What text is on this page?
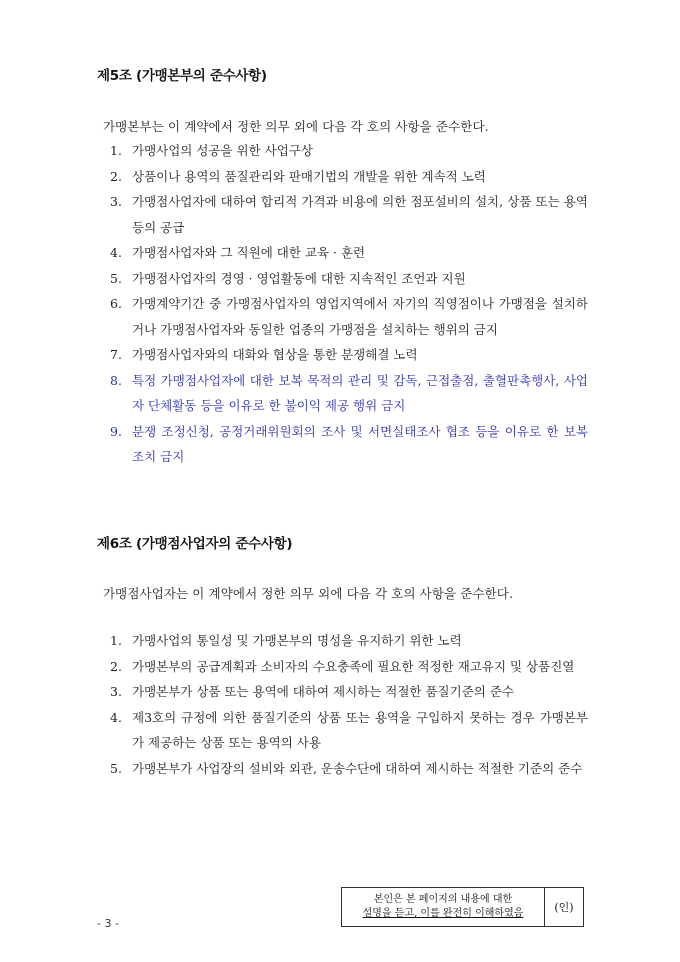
제5조 (가맹본부의 준수사항)
가맹본부는 이 계약에서 정한 의무 외에 다음 각 호의 사항을 준수한다.
1. 가맹사업의 성공을 위한 사업구상
2. 상품이나 용역의 품질관리와 판매기법의 개발을 위한 계속적 노력
3. 가맹점사업자에 대하여 합리적 가격과 비용에 의한 점포설비의 설치, 상품 또는 용역 등의 공급
4. 가맹점사업자와 그 직원에 대한 교육 · 훈련
5. 가맹점사업자의 경영 · 영업활동에 대한 지속적인 조언과 지원
6. 가맹계약기간 중 가맹점사업자의 영업지역에서 자기의 직영점이나 가맹점을 설치하거나 가맹점사업자와 동일한 업종의 가맹점을 설치하는 행위의 금지
7. 가맹점사업자와의 대화와 협상을 통한 분쟁해결 노력
8. 특정 가맹점사업자에 대한 보복 목적의 관리 및 감독, 근접출점, 출혈판촉행사, 사업자 단체활동 등을 이유로 한 불이익 제공 행위 금지
9. 분쟁 조정신청, 공정거래위원회의 조사 및 서면실태조사 협조 등을 이유로 한 보복 조치 금지
제6조 (가맹점사업자의 준수사항)
가맹점사업자는 이 계약에서 정한 의무 외에 다음 각 호의 사항을 준수한다.
1. 가맹사업의 통일성 및 가맹본부의 명성을 유지하기 위한 노력
2. 가맹본부의 공급계획과 소비자의 수요충족에 필요한 적정한 재고유지 및 상품진열
3. 가맹본부가 상품 또는 용역에 대하여 제시하는 적절한 품질기준의 준수
4. 제3호의 규정에 의한 품질기준의 상품 또는 용역을 구입하지 못하는 경우 가맹본부가 제공하는 상품 또는 용역의 사용
5. 가맹본부가 사업장의 설비와 외관, 운송수단에 대하여 제시하는 적절한 기준의 준수
본인은 본 페이지의 내용에 대한
설명을 듣고, 이를 완전히 이해하였음	(인)
- 3 -
